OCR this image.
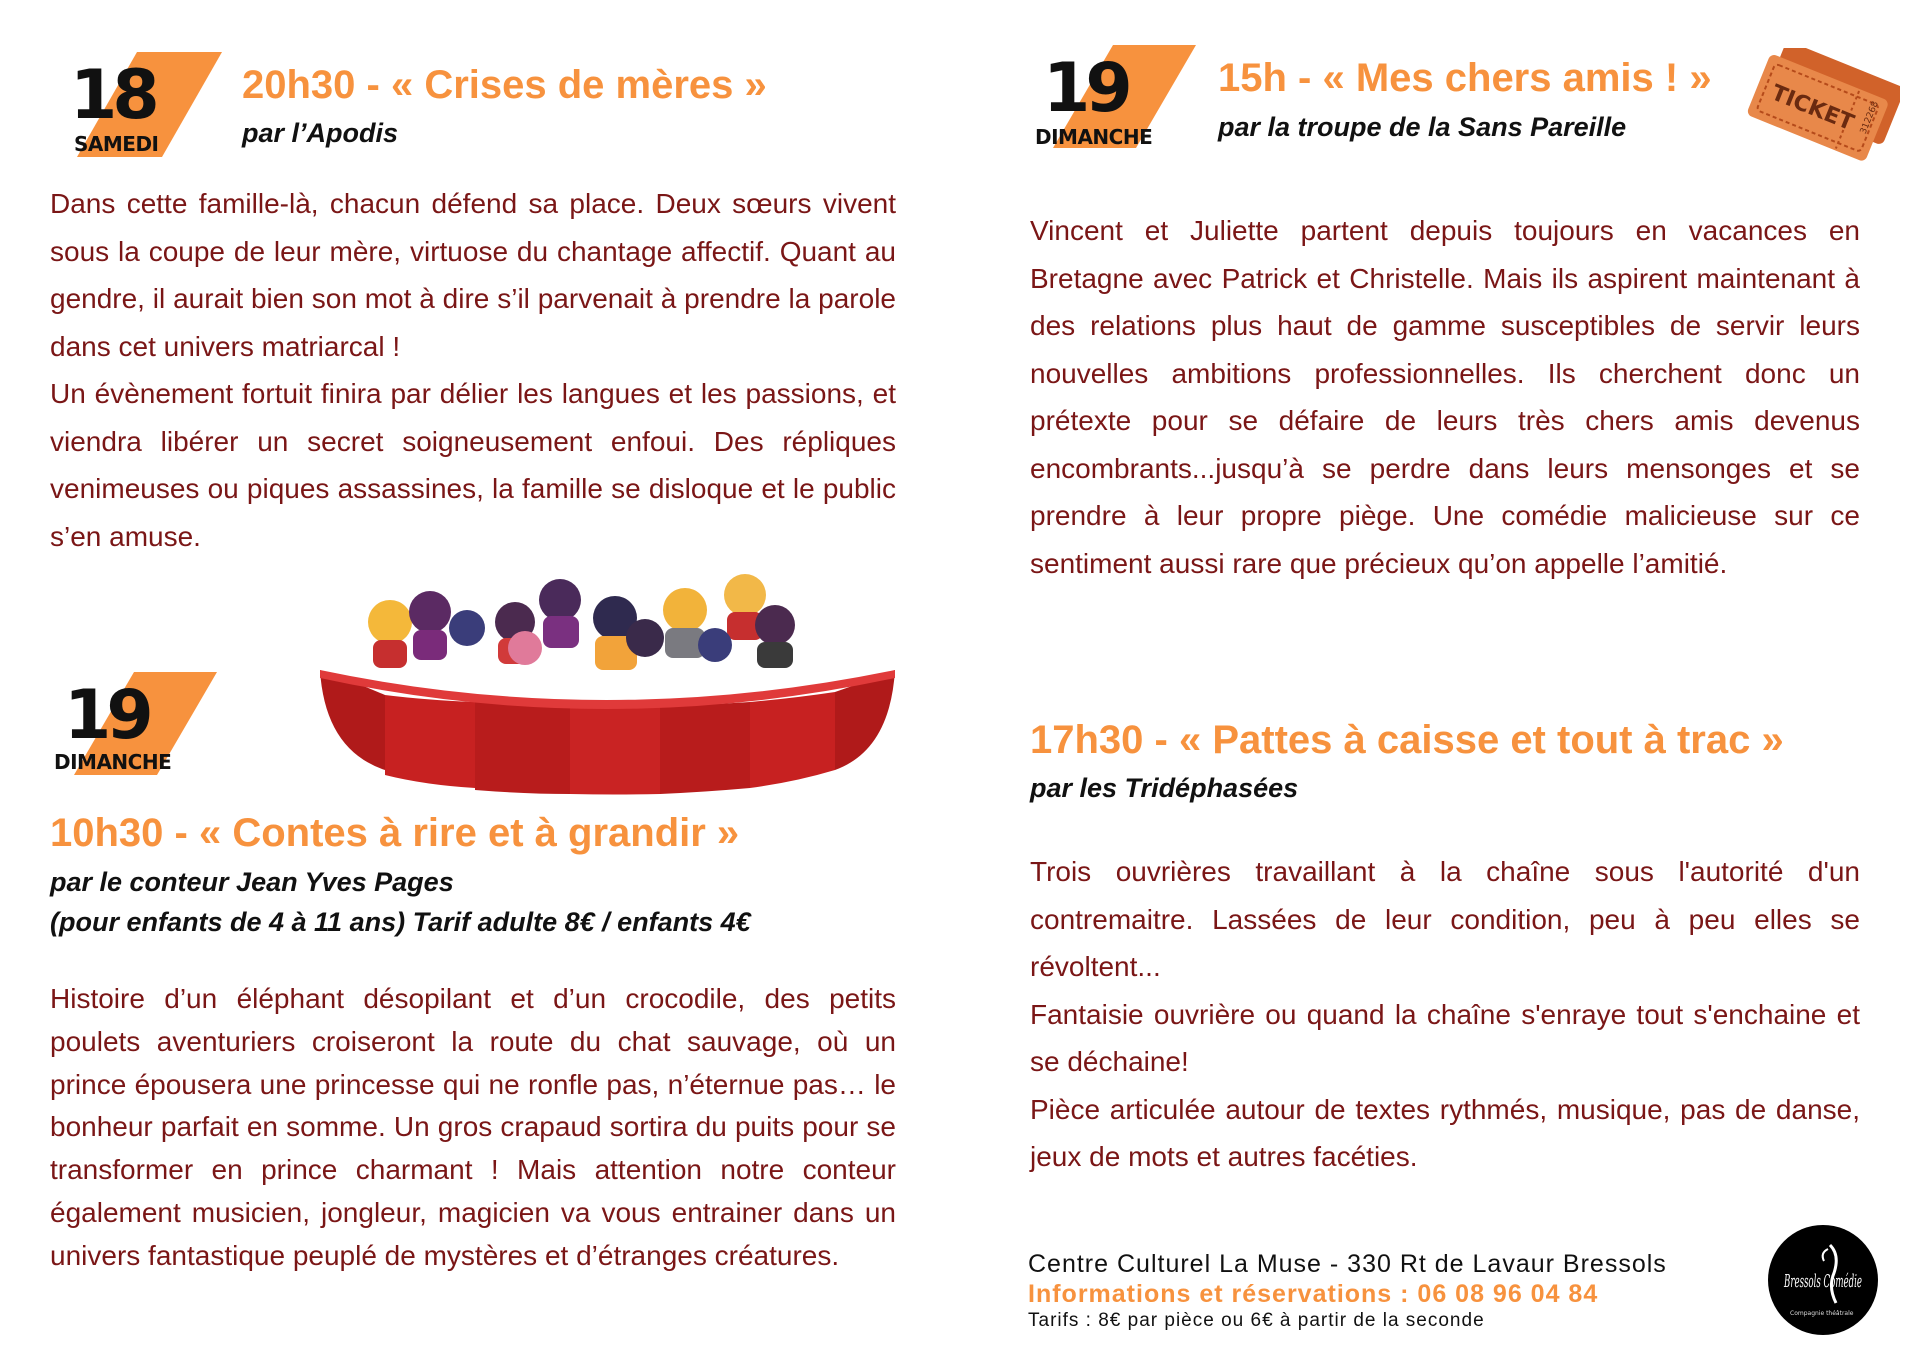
18
SAMEDI
20h30 - « Crises de mères »
par l’Apodis
Dans cette famille-là, chacun défend sa place. Deux sœurs vivent sous la coupe de leur mère, virtuose du chantage affectif. Quant au gendre, il aurait bien son mot à dire s’il parvenait à prendre la parole dans cet univers matriarcal !
Un évènement fortuit finira par délier les langues et les passions, et viendra libérer un secret soigneusement enfoui. Des répliques venimeuses ou piques assassines, la famille se disloque et le public s’en amuse.
19
DIMANCHE
10h30 - « Contes à rire et à grandir »
par le conteur Jean Yves Pages
(pour enfants de 4 à 11 ans) Tarif adulte 8€ / enfants 4€

Histoire d’un éléphant désopilant et d’un crocodile, des petits poulets aventuriers croiseront la route du chat sauvage, où un prince épousera une princesse qui ne ronfle pas, n’éternue pas… le bonheur parfait en somme. Un gros crapaud sortira du puits pour se transformer en prince charmant ! Mais attention notre conteur également musicien, jongleur, magicien va vous entrainer dans un univers fantastique peuplé de mystères et d’étranges créatures.

19
DIMANCHE
15h - « Mes chers amis ! »
par la troupe de la Sans Pareille	TICKET 312268

Vincent et Juliette partent depuis toujours en vacances en Bretagne avec Patrick et Christelle. Mais ils aspirent maintenant à des relations plus haut de gamme susceptibles de servir leurs nouvelles ambitions professionnelles. Ils cherchent donc un prétexte pour se défaire de leurs très chers amis devenus encombrants...jusqu’à se perdre dans leurs mensonges et se prendre à leur propre piège. Une comédie malicieuse sur ce sentiment aussi rare que précieux qu’on appelle l’amitié.

17h30 - « Pattes à caisse et tout à trac »
par les Tridéphasées
Trois ouvrières travaillant à la chaîne sous l'autorité d'un contremaitre. Lassées de leur condition, peu à peu elles se révoltent...
Fantaisie ouvrière ou quand la chaîne s'enraye tout s'enchaine et se déchaine!
Pièce articulée autour de textes rythmés, musique, pas de danse, jeux de mots et autres facéties.
Centre Culturel La Muse - 330 Rt de Lavaur Bressols
Informations et réservations : 06 08 96 04 84
Tarifs : 8€ par pièce ou 6€ à partir de la seconde
Bressols Comédie
Compagnie théâtrale
